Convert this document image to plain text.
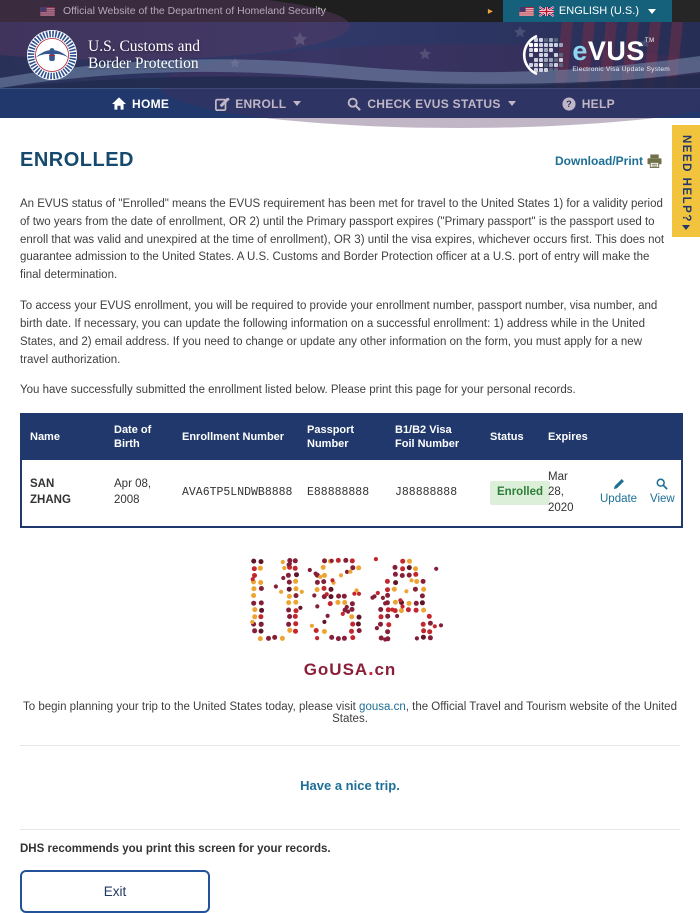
Official Website of the Department of Homeland Security	▸	ENGLISH (U.S.)
U.S. Customs and
Border Protection	eVUS™
Electronic Visa Update System
HOME	ENROLL	CHECK EVUS STATUS	? HELP
NEED HELP?
ENROLLED	Download/Print

An EVUS status of "Enrolled" means the EVUS requirement has been met for travel to the United States 1) for a validity period of two years from the date of enrollment, OR 2) until the Primary passport expires ("Primary passport" is the passport used to enroll that was valid and unexpired at the time of enrollment), OR 3) until the visa expires, whichever occurs first. This does not guarantee admission to the United States. A U.S. Customs and Border Protection officer at a U.S. port of entry will make the final determination.

To access your EVUS enrollment, you will be required to provide your enrollment number, passport number, visa number, and birth date. If necessary, you can update the following information on a successful enrollment: 1) address while in the United States, and 2) email address. If you need to change or update any other information on the form, you must apply for a new travel authorization.

You have successfully submitted the enrollment listed below. Please print this page for your personal records.

Name	Date of Birth	Enrollment Number	Passport Number	B1/B2 Visa Foil Number	Status	Expires		
SAN ZHANG	Apr 08, 2008	AVA6TP5LNDWB8888	E88888888	J88888888	Enrolled	Mar 28, 2020	Update	View
GoUSA.cn

To begin planning your trip to the United States today, please visit gousa.cn, the Official Travel and Tourism website of the United States.

Have a nice trip.
DHS recommends you print this screen for your records.
Exit
